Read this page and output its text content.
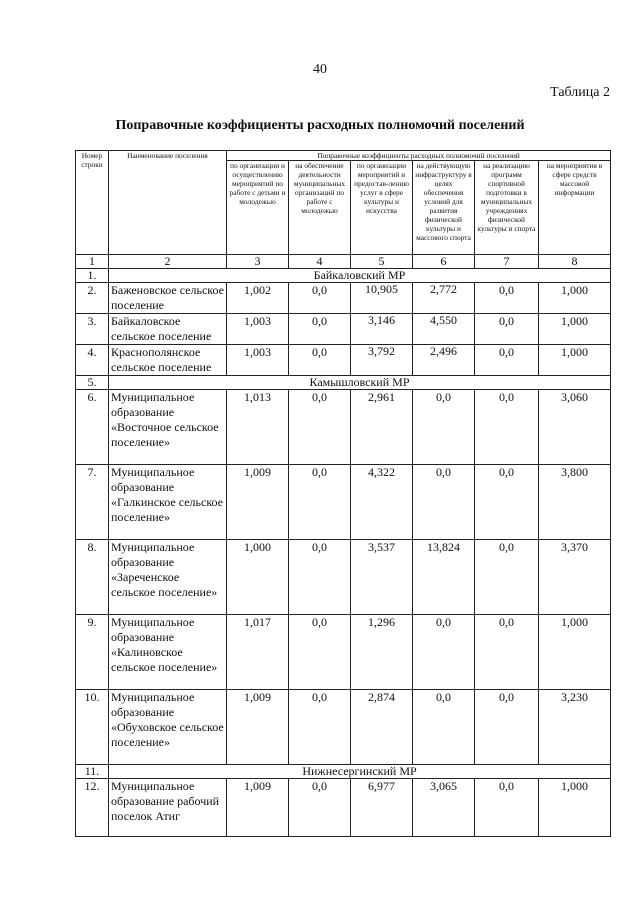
40
Таблица 2
Поправочные коэффициенты расходных полномочий поселений
Номер строки	Наименование поселения	Поправочные коэффициенты расходных полномочий поселений					
		по организации и осуществлению мероприятий по работе с детьми и молодежью	на обеспечение деятельности муниципальных организаций по работе с молодежью	по организации мероприятий и предостав-лению услуг в сфере культуры и искусства	на действующую инфраструктуру в целях обеспечения условий для развития физической культуры и массового спорта	на реализацию программ спортивной подготовки в муниципальных учреждениях физической культуры и спорта	на мероприятия в сфере средств массовой информации
1	2	3	4	5	6	7	8
1.	Байкаловский МР						
2.	Баженовское сельское поселение	1,002	0,0	10,905	2,772	0,0	1,000
3.	Байкаловское сельское поселение	1,003	0,0	3,146	4,550	0,0	1,000
4.	Краснополянское сельское поселение	1,003	0,0	3,792	2,496	0,0	1,000
5.	Камышловский МР						
6.	Муниципальное образование «Восточное сельское поселение»	1,013	0,0	2,961	0,0	0,0	3,060
7.	Муниципальное образование «Галкинское сельское поселение»	1,009	0,0	4,322	0,0	0,0	3,800
8.	Муниципальное образование «Зареченское сельское поселение»	1,000	0,0	3,537	13,824	0,0	3,370
9.	Муниципальное образование «Калиновское сельское поселение»	1,017	0,0	1,296	0,0	0,0	1,000
10.	Муниципальное образование «Обуховское сельское поселение»	1,009	0,0	2,874	0,0	0,0	3,230
11.	Нижнесергинский МР						
12.	Муниципальное образование рабочий поселок Атиг	1,009	0,0	6,977	3,065	0,0	1,000
